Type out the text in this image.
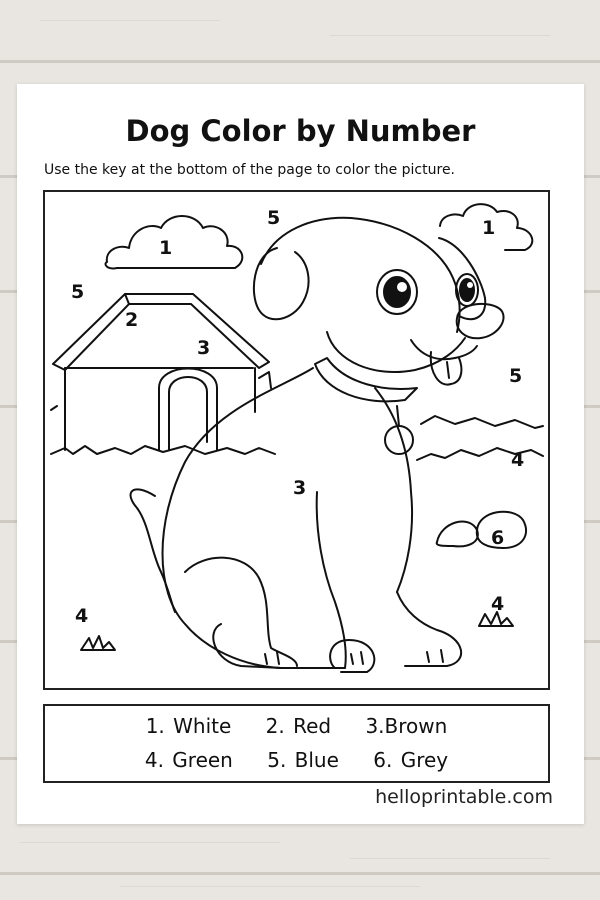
Dog Color by Number

Use the key at the bottom of the page to color the picture.

1
5	1
5
2
3
5
4
3
6
4
4
1. White 2. Red 3.Brown
4. Green 5. Blue 6. Grey

helloprintable.com
